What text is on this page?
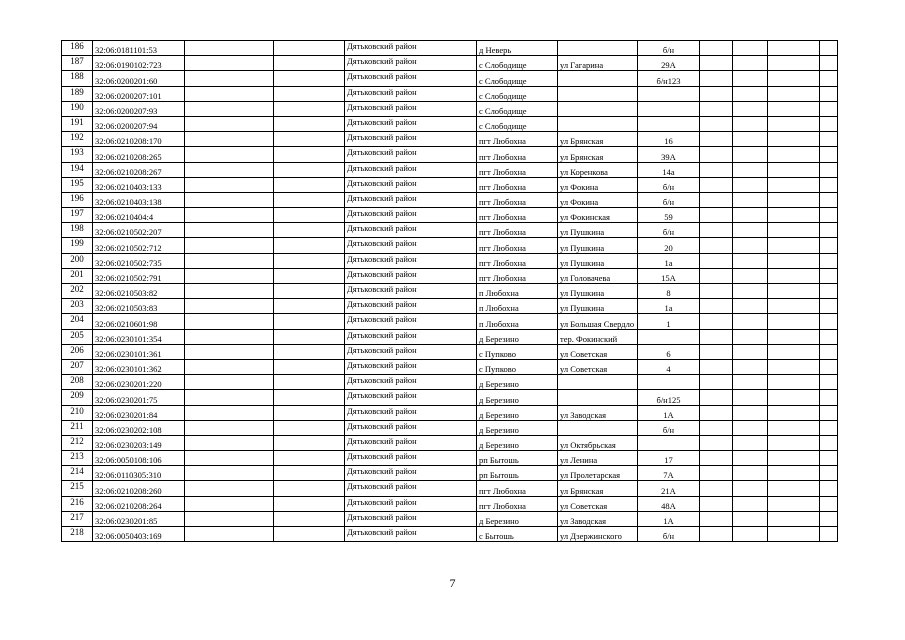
186	32:06:0181101:53			Дятьковский район	д Неверь		б/н				
187	32:06:0190102:723			Дятьковский район	с Слободище	ул Гагарина	29А				
188	32:06:0200201:60			Дятьковский район	с Слободище		б/н123				
189	32:06:0200207:101			Дятьковский район	с Слободище						
190	32:06:0200207:93			Дятьковский район	с Слободище						
191	32:06:0200207:94			Дятьковский район	с Слободище						
192	32:06:0210208:170			Дятьковский район	пгт Любохна	ул Брянская	16				
193	32:06:0210208:265			Дятьковский район	пгт Любохна	ул Брянская	39А				
194	32:06:0210208:267			Дятьковский район	пгт Любохна	ул Коренкова	14а				
195	32:06:0210403:133			Дятьковский район	пгт Любохна	ул Фокина	б/н				
196	32:06:0210403:138			Дятьковский район	пгт Любохна	ул Фокина	б/н				
197	32:06:0210404:4			Дятьковский район	пгт Любохна	ул Фокинская	59				
198	32:06:0210502:207			Дятьковский район	пгт Любохна	ул Пушкина	б/н				
199	32:06:0210502:712			Дятьковский район	пгт Любохна	ул Пушкина	20				
200	32:06:0210502:735			Дятьковский район	пгт Любохна	ул Пушкина	1а				
201	32:06:0210502:791			Дятьковский район	пгт Любохна	ул Головачева	15А				
202	32:06:0210503:82			Дятьковский район	п Любохна	ул Пушкина	8				
203	32:06:0210503:83			Дятьковский район	п Любохна	ул Пушкина	1а				
204	32:06:0210601:98			Дятьковский район	п Любохна	ул Большая Свердло	1				
205	32:06:0230101:354			Дятьковский район	д Березино	тер. Фокинский					
206	32:06:0230101:361			Дятьковский район	с Пупково	ул Советская	6				
207	32:06:0230101:362			Дятьковский район	с Пупково	ул Советская	4				
208	32:06:0230201:220			Дятьковский район	д Березино						
209	32:06:0230201:75			Дятьковский район	д Березино		б/н125				
210	32:06:0230201:84			Дятьковский район	д Березино	ул Заводская	1А				
211	32:06:0230202:108			Дятьковский район	д Березино		б/н				
212	32:06:0230203:149			Дятьковский район	д Березино	ул Октябрьская					
213	32:06:0050108:106			Дятьковский район	рп Бытошь	ул Ленина	17				
214	32:06:0110305:310			Дятьковский район	рп Бытошь	ул Пролетарская	7А				
215	32:06:0210208:260			Дятьковский район	пгт Любохна	ул Брянская	21А				
216	32:06:0210208:264			Дятьковский район	пгт Любохна	ул Советская	48А				
217	32:06:0230201:85			Дятьковский район	д Березино	ул Заводская	1А				
218	32:06:0050403:169			Дятьковский район	с Бытошь	ул Дзержинского	б/н				
7
